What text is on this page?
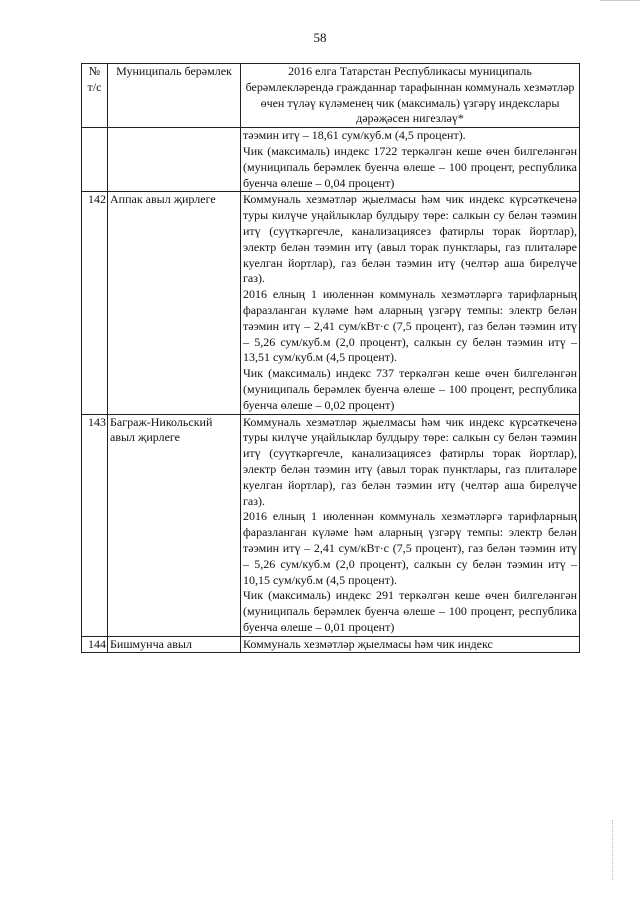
58
№ т/с	Муниципаль берәмлек	2016 елга Татарстан Республикасы муниципаль берәмлекләрендә гражданнар тарафыннан коммуналь хезмәтләр өчен түләү күләменең чик (максималь) үзгәрү индекслары дәрәҗәсен нигезләү*

		тәэмин итү – 18,61 сум/куб.м (4,5 процент).

Чик (максималь) индекс 1722 теркәлгән кеше өчен билгеләнгән (муниципаль берәмлек буенча өлеше – 100 процент, республика буенча өлеше – 0,04 процент)

142	Аппак авыл җирлеге	Коммуналь хезмәтләр җыелмасы һәм чик индекс күрсәткеченә туры килүче уңайлыклар булдыру төре: салкын су белән тәэмин итү (суүткәргечле, канализациясез фатирлы торак йортлар), электр белән тәэмин итү (авыл торак пунктлары, газ плиталәре куелган йортлар), газ белән тәэмин итү (челтәр аша бирелүче газ).

2016 елның 1 июленнән коммуналь хезмәтләргә тарифларның фаразланган күләме һәм аларның үзгәрү темпы: электр белән тәэмин итү – 2,41 сум/кВт·с (7,5 процент), газ белән тәэмин итү – 5,26 сум/куб.м (2,0 процент), салкын су белән тәэмин итү – 13,51 сум/куб.м (4,5 процент).

Чик (максималь) индекс 737 теркәлгән кеше өчен билгеләнгән (муниципаль берәмлек буенча өлеше – 100 процент, республика буенча өлеше – 0,02 процент)

143	Баграж-Никольский авыл җирлеге	Коммуналь хезмәтләр җыелмасы һәм чик индекс күрсәткеченә туры килүче уңайлыклар булдыру төре: салкын су белән тәэмин итү (суүткәргечле, канализациясез фатирлы торак йортлар), электр белән тәэмин итү (авыл торак пунктлары, газ плиталәре куелган йортлар), газ белән тәэмин итү (челтәр аша бирелүче газ).

2016 елның 1 июленнән коммуналь хезмәтләргә тарифларның фаразланган күләме һәм аларның үзгәрү темпы: электр белән тәэмин итү – 2,41 сум/кВт·с (7,5 процент), газ белән тәэмин итү – 5,26 сум/куб.м (2,0 процент), салкын су белән тәэмин итү – 10,15 сум/куб.м (4,5 процент).

Чик (максималь) индекс 291 теркәлгән кеше өчен билгеләнгән (муниципаль берәмлек буенча өлеше – 100 процент, республика буенча өлеше – 0,01 процент)

144	Бишмунча авыл	Коммуналь хезмәтләр җыелмасы һәм чик индекс
